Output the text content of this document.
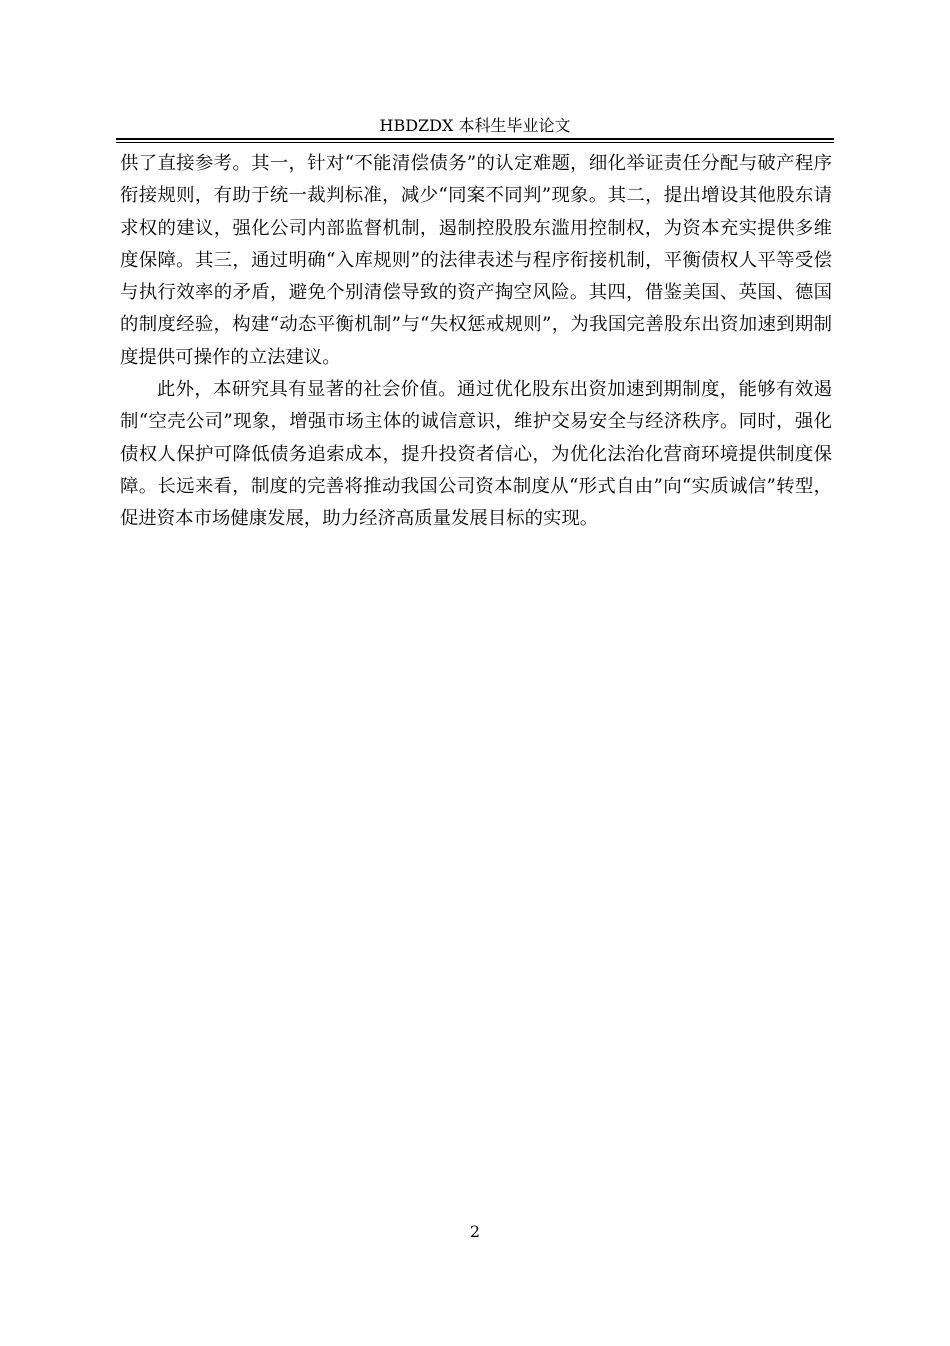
HBDZDX 本科生毕业论文

供了直接参考。其一，针对“不能清偿债务”的认定难题，细化举证责任分配与破产程序衔接规则，有助于统一裁判标准，减少“同案不同判”现象。其二，提出增设其他股东请求权的建议，强化公司内部监督机制，遏制控股股东滥用控制权，为资本充实提供多维度保障。其三，通过明确“入库规则”的法律表述与程序衔接机制，平衡债权人平等受偿与执行效率的矛盾，避免个别清偿导致的资产掏空风险。其四，借鉴美国、英国、德国的制度经验，构建“动态平衡机制”与“失权惩戒规则”，为我国完善股东出资加速到期制度提供可操作的立法建议。

此外，本研究具有显著的社会价值。通过优化股东出资加速到期制度，能够有效遏制“空壳公司”现象，增强市场主体的诚信意识，维护交易安全与经济秩序。同时，强化债权人保护可降低债务追索成本，提升投资者信心，为优化法治化营商环境提供制度保障。长远来看，制度的完善将推动我国公司资本制度从“形式自由”向“实质诚信”转型，促进资本市场健康发展，助力经济高质量发展目标的实现。

2
